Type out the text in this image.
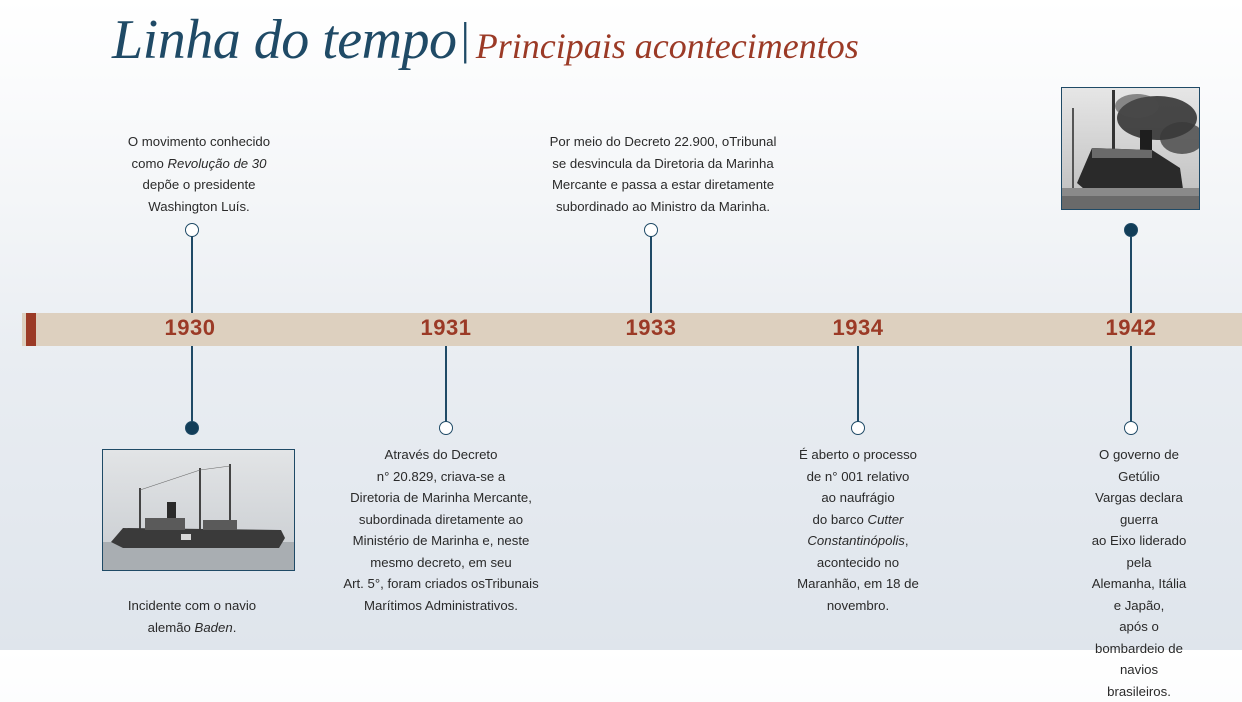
Linha do tempo| Principais acontecimentos
1930	1931	1933	1934	1942
O movimento conhecido
como Revolução de 30
depõe o presidente
Washington Luís.
Por meio do Decreto 22.900, oTribunal
se desvincula da Diretoria da Marinha
Mercante e passa a estar diretamente
subordinado ao Ministro da Marinha.
Incidente com o navio
alemão Baden.
Através do Decreto
n° 20.829, criava-se a
Diretoria de Marinha Mercante,
subordinada diretamente ao
Ministério de Marinha e, neste
mesmo decreto, em seu
Art. 5°, foram criados osTribunais
Marítimos Administrativos.
É aberto o processo
de n° 001 relativo
ao naufrágio
do barco Cutter
Constantinópolis,
acontecido no
Maranhão, em 18 de
novembro.
O governo de Getúlio
Vargas declara guerra
ao Eixo liderado pela
Alemanha, Itália e Japão,
após o bombardeio de
navios brasileiros.
